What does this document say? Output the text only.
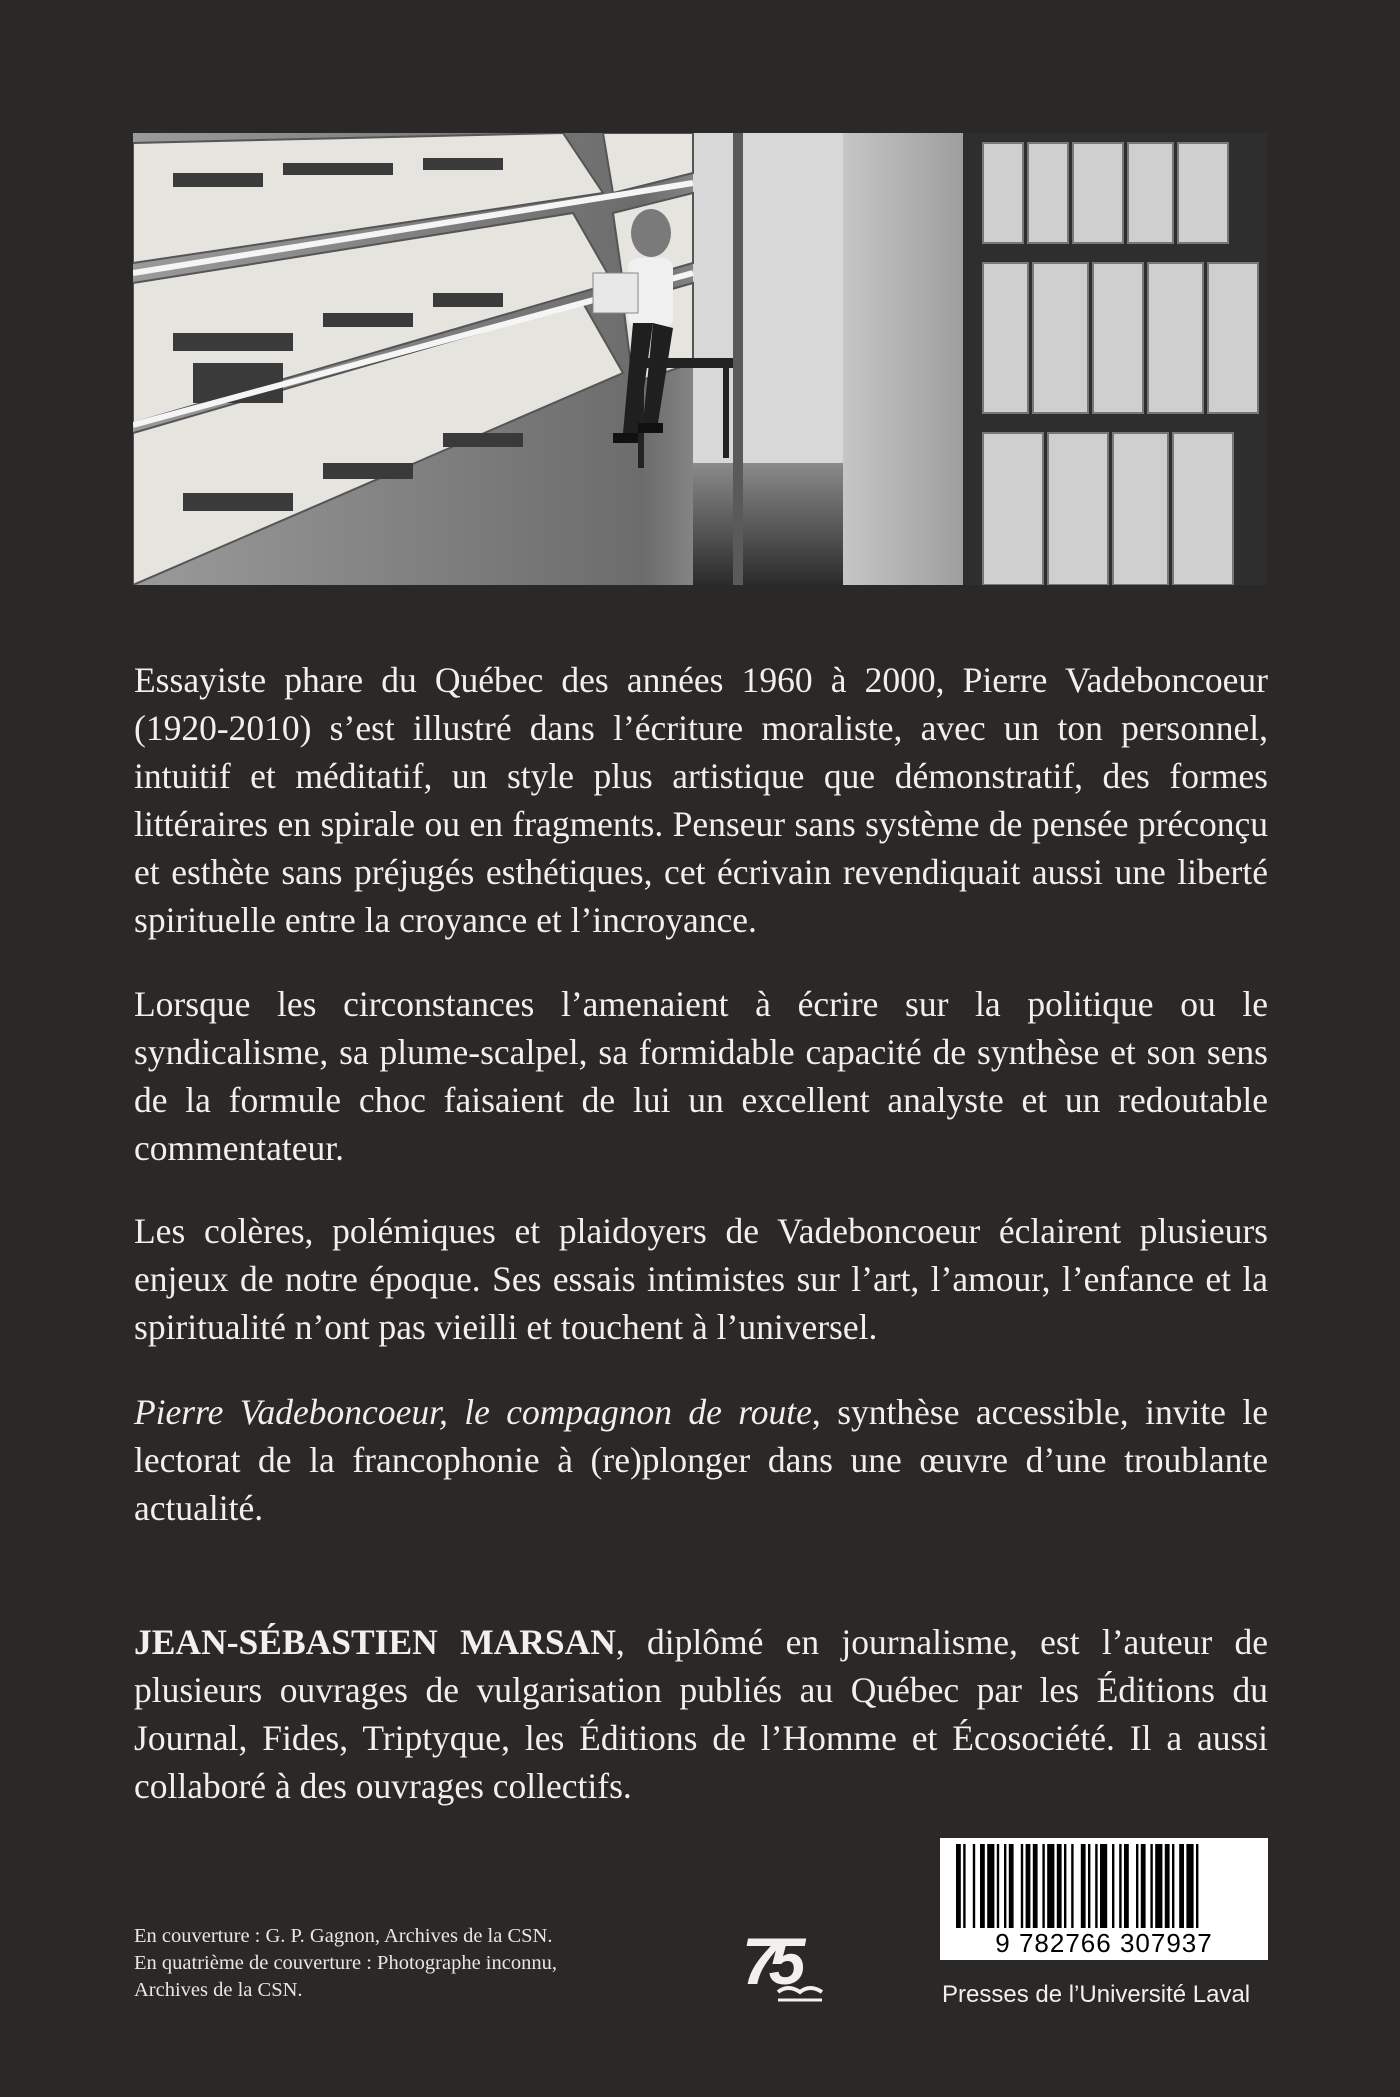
Essayiste phare du Québec des années 1960 à 2000, Pierre Vadeboncoeur (1920-2010) s’est illustré dans l’écriture moraliste, avec un ton personnel, intuitif et méditatif, un style plus artistique que démonstratif, des formes littéraires en spirale ou en fragments. Penseur sans système de pensée préconçu et esthète sans préjugés esthétiques, cet écrivain revendiquait aussi une liberté spirituelle entre la croyance et l’incroyance.

Lorsque les circonstances l’amenaient à écrire sur la politique ou le syndicalisme, sa plume-scalpel, sa formidable capacité de synthèse et son sens de la formule choc faisaient de lui un excellent analyste et un redoutable commentateur.

Les colères, polémiques et plaidoyers de Vadeboncoeur éclairent plusieurs enjeux de notre époque. Ses essais intimistes sur l’art, l’amour, l’enfance et la spiritualité n’ont pas vieilli et touchent à l’universel.

Pierre Vadeboncoeur, le compagnon de route, synthèse accessible, invite le lectorat de la francophonie à (re)plonger dans une œuvre d’une troublante actualité.

JEAN-SÉBASTIEN MARSAN, diplômé en journalisme, est l’auteur de plusieurs ouvrages de vulgarisation publiés au Québec par les Éditions du Journal, Fides, Triptyque, les Éditions de l’Homme et Écosociété. Il a aussi collaboré à des ouvrages collectifs.

En couverture : G. P. Gagnon, Archives de la CSN.
En quatrième de couverture : Photographe inconnu,
Archives de la CSN.	75	9 782766 307937
Presses de l’Université Laval
